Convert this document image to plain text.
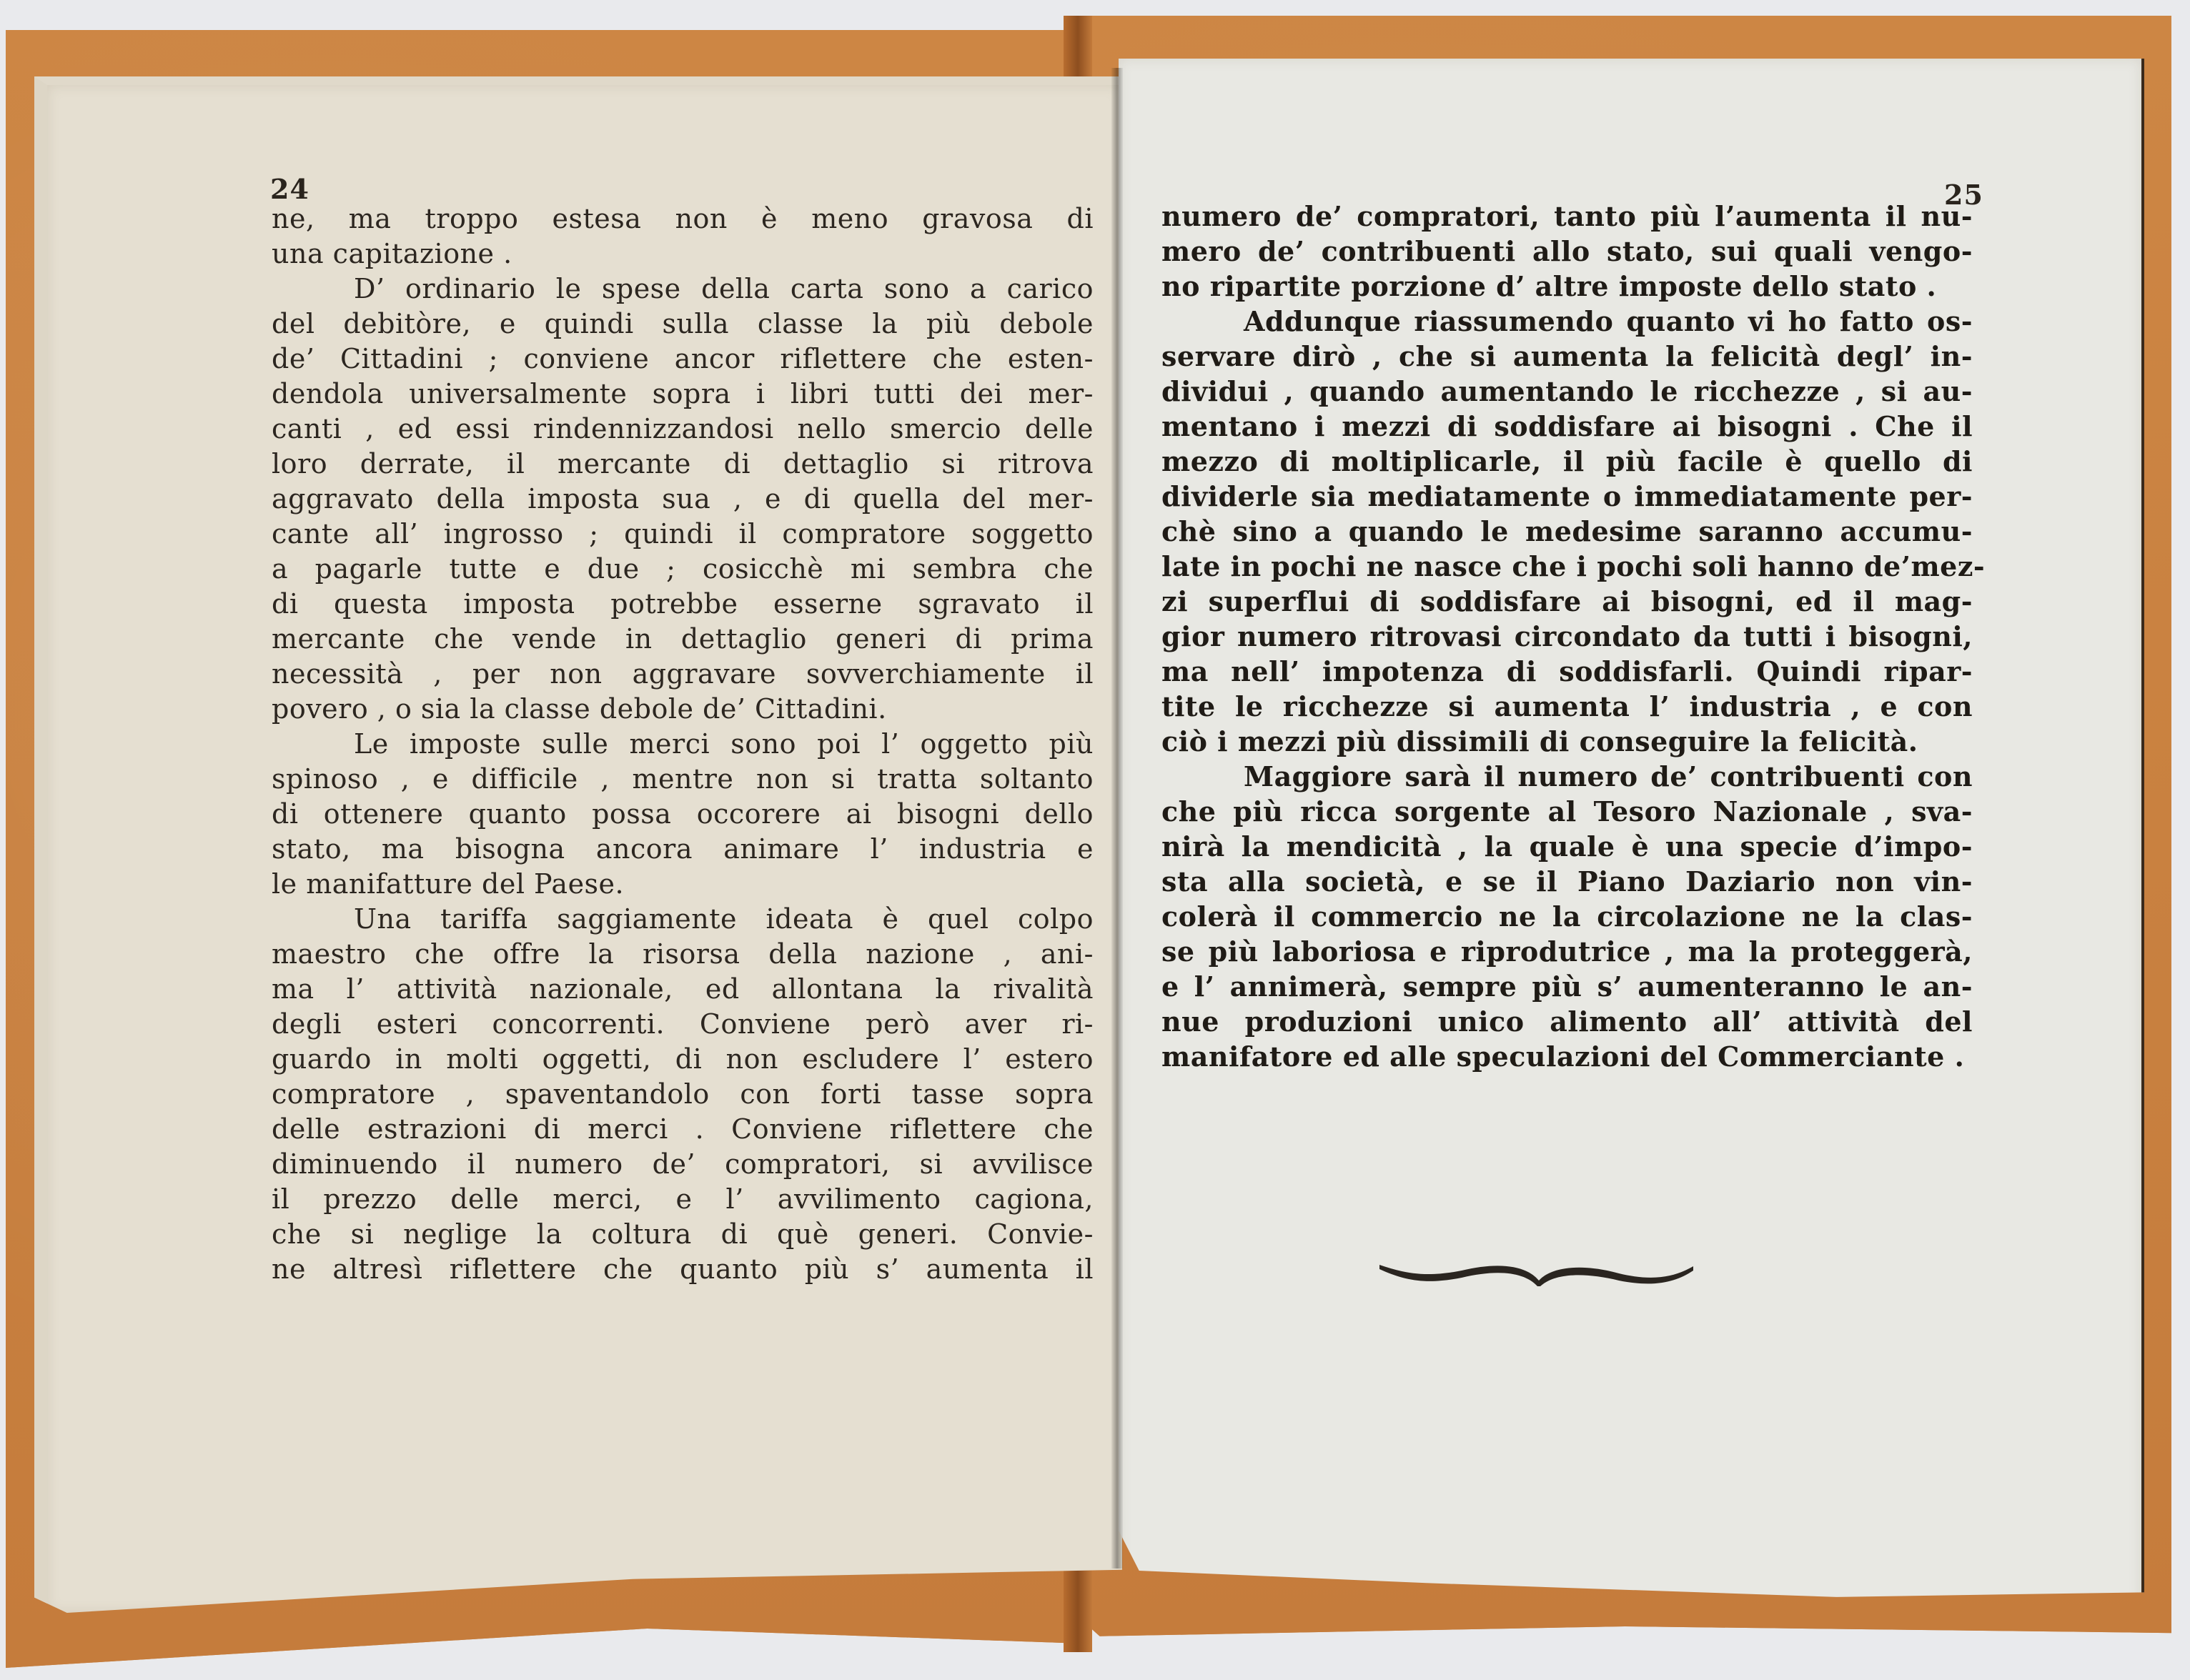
24	25
ne, ma troppo estesa non è meno gravosa di
una capitazione .
D’ ordinario le spese della carta sono a carico
del debitòre, e quindi sulla classe la più debole
de’ Cittadini ; conviene ancor riflettere che esten-
dendola universalmente sopra i libri tutti dei mer-
canti , ed essi rindennizzandosi nello smercio delle
loro derrate, il mercante di dettaglio si ritrova
aggravato della imposta sua , e di quella del mer-
cante all’ ingrosso ; quindi il compratore soggetto
a pagarle tutte e due ; cosicchè mi sembra che
di questa imposta potrebbe esserne sgravato il
mercante che vende in dettaglio generi di prima
necessità , per non aggravare sovverchiamente il
povero , o sia la classe debole de’ Cittadini.
Le imposte sulle merci sono poi l’ oggetto più
spinoso , e difficile , mentre non si tratta soltanto
di ottenere quanto possa occorere ai bisogni dello
stato, ma bisogna ancora animare l’ industria e
le manifatture del Paese.
Una tariffa saggiamente ideata è quel colpo
maestro che offre la risorsa della nazione , ani-
ma l’ attività nazionale, ed allontana la rivalità
degli esteri concorrenti. Conviene però aver ri-
guardo in molti oggetti, di non escludere l’ estero
compratore , spaventandolo con forti tasse sopra
delle estrazioni di merci . Conviene riflettere che
diminuendo il numero de’ compratori, si avvilisce
il prezzo delle merci, e l’ avvilimento cagiona,
che si neglige la coltura di què generi. Convie-
ne altresì riflettere che quanto più s’ aumenta il
numero de’ compratori, tanto più l’aumenta il nu-
mero de’ contribuenti allo stato, sui quali vengo-
no ripartite porzione d’ altre imposte dello stato .
Addunque riassumendo quanto vi ho fatto os-
servare dirò , che si aumenta la felicità degl’ in-
dividui , quando aumentando le ricchezze , si au-
mentano i mezzi di soddisfare ai bisogni . Che il
mezzo di moltiplicarle, il più facile è quello di
dividerle sia mediatamente o immediatamente per-
chè sino a quando le medesime saranno accumu-
late in pochi ne nasce che i pochi soli hanno de’mez-
zi superflui di soddisfare ai bisogni, ed il mag-
gior numero ritrovasi circondato da tutti i bisogni,
ma nell’ impotenza di soddisfarli. Quindi ripar-
tite le ricchezze si aumenta l’ industria , e con
ciò i mezzi più dissimili di conseguire la felicità.
Maggiore sarà il numero de’ contribuenti con
che più ricca sorgente al Tesoro Nazionale , sva-
nirà la mendicità , la quale è una specie d’impo-
sta alla società, e se il Piano Daziario non vin-
colerà il commercio ne la circolazione ne la clas-
se più laboriosa e riprodutrice , ma la proteggerà,
e l’ annimerà, sempre più s’ aumenteranno le an-
nue produzioni unico alimento all’ attività del
manifatore ed alle speculazioni del Commerciante .
